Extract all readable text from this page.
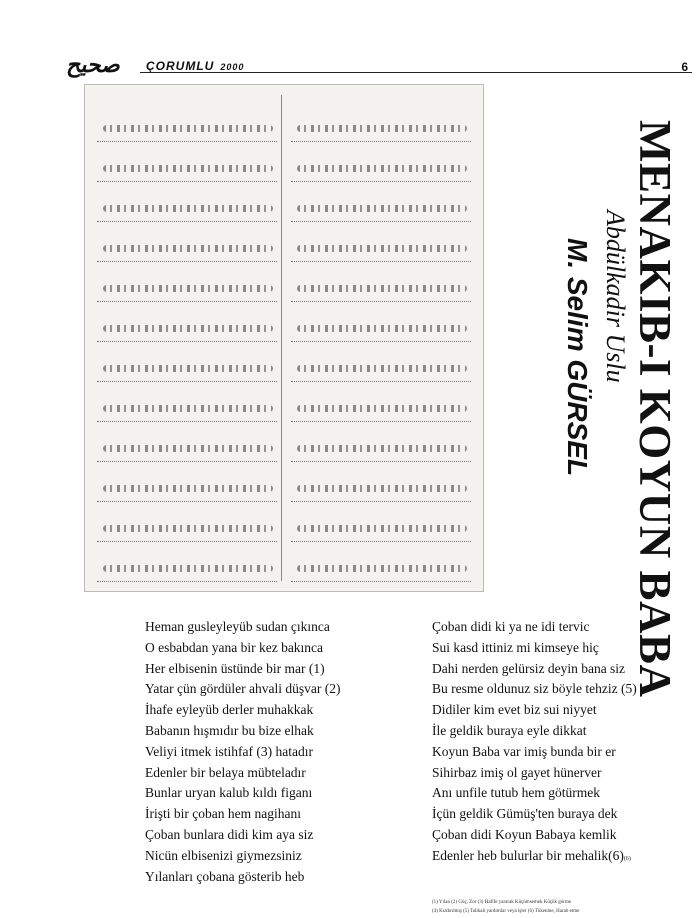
ﺻﺤﯿﺢ ÇORUMLU 2000	6
MENAKIB-I KOYUN BABA
Abdülkadir Uslu
M. Selim GÜRSEL
Heman gusleyleyüb sudan çıkınca
O esbabdan yana bir kez bakınca
Her elbisenin üstünde bir mar (1)
Yatar çün gördüler ahvali düşvar (2)
İhafe eyleyüb derler muhakkak
Babanın hışmıdır bu bize elhak
Veliyi itmek istihfaf (3) hatadır
Edenler bir belaya mübteladır
Bunlar uryan kalub kıldı figanı
İrişti bir çoban hem nagihanı
Çoban bunlara didi kim aya siz
Nicün elbisenizi giymezsiniz
Yılanları çobana gösterib heb
Çoban didi ki ya ne idi tervic
Sui kasd ittiniz mi kimseye hiç
Dahi nerden gelürsiz deyin bana siz
Bu resme oldunuz siz böyle tehziz (5)
Didiler kim evet biz sui niyyet
İle geldik buraya eyle dikkat
Koyun Baba var imiş bunda bir er
Sihirbaz imiş ol gayet hünerver
Anı unfile tutub hem götürmek
İçün geldik Gümüş'ten buraya dek
Çoban didi Koyun Babaya kemlik
Edenler heb bulurlar bir mehalik(6)(6)
(1) Yılan (2) Güç, Zor (3) Hafife yararak Küçümsemek Küçük görme
(4) Kızdırılmış (5) Talikali yardımlar veya işler (6) Tükenme, Harab etme
